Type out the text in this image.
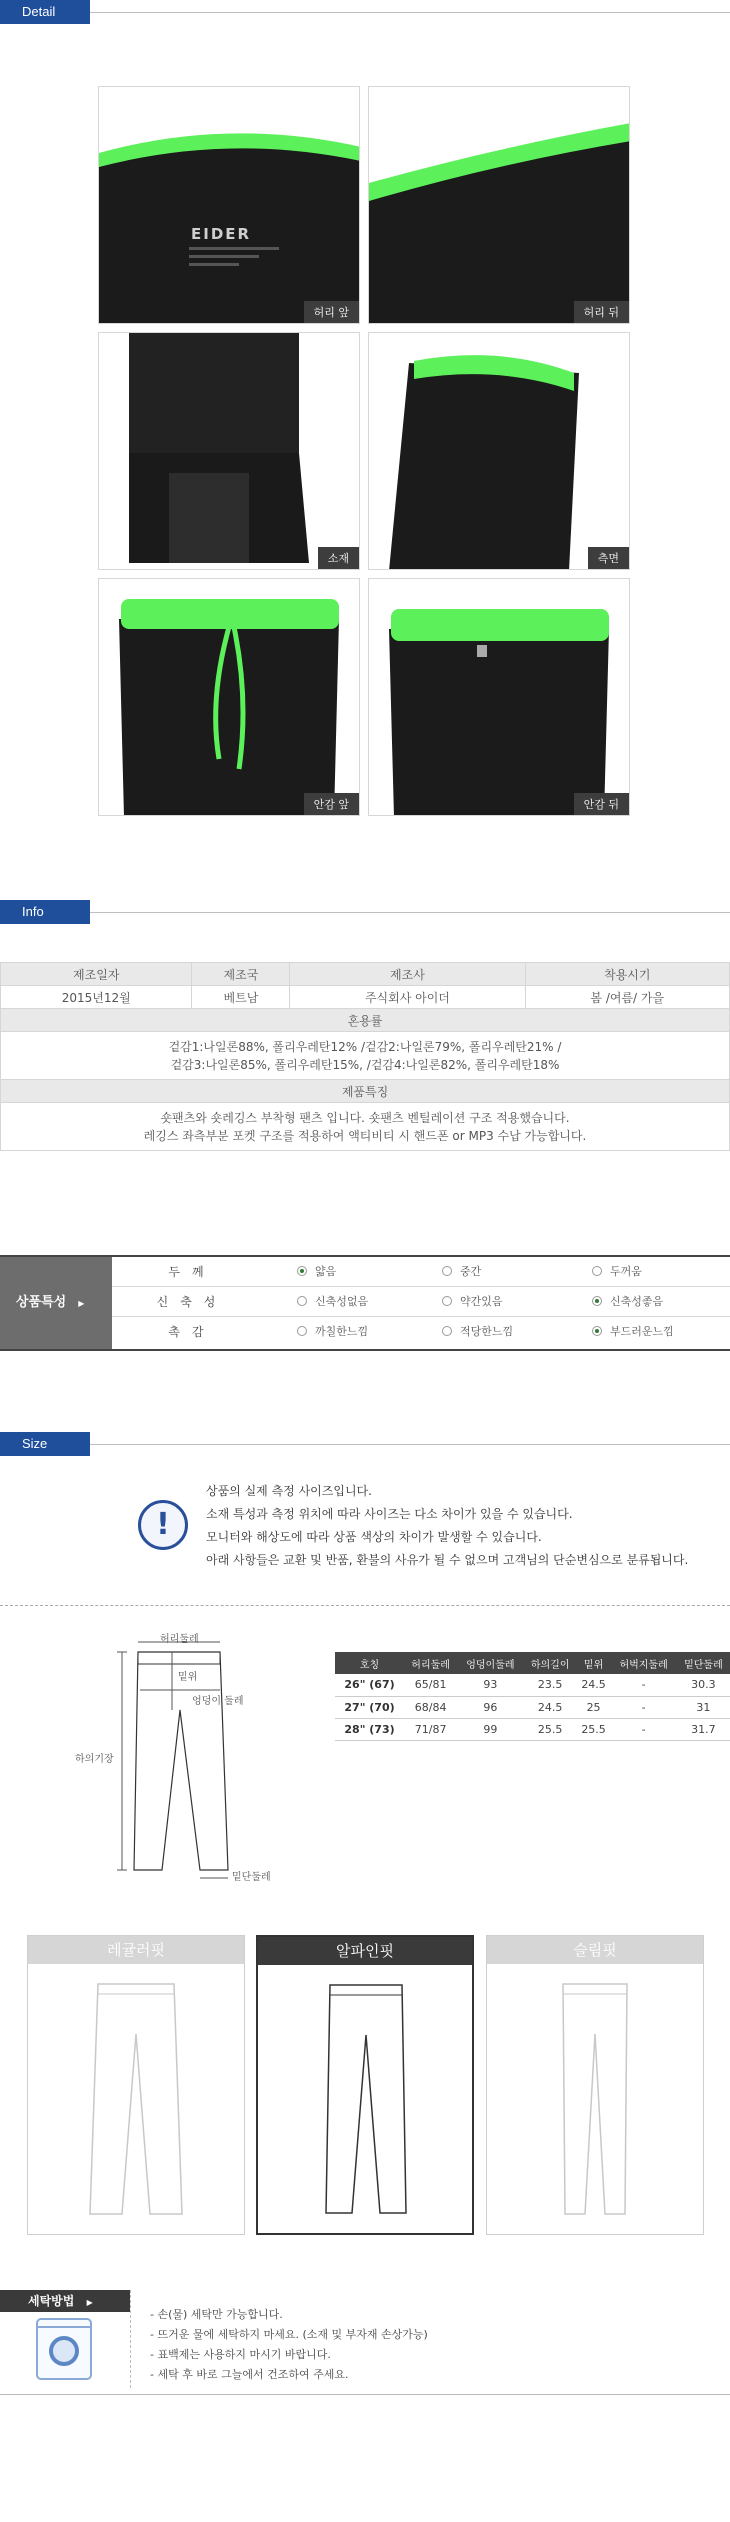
Detail
EIDER
허리 앞	허리 뒤
소재	측면
안감 앞	안감 뒤
Info
제조일자	제조국	제조사	착용시기
2015년12월	베트남	주식회사 아이더	봄 /여름/ 가을
혼용률			

겉감1:나일론88%, 폴리우레탄12% /겉감2:나일론79%, 폴리우레탄21% /
겉감3:나일론85%, 폴리우레탄15%, /겉감4:나일론82%, 폴리우레탄18%			

제품특징			

숏팬츠와 숏레깅스 부착형 팬츠 입니다. 숏팬츠 벤틸레이션 구조 적용했습니다.
레깅스 좌측부분 포켓 구조를 적용하여 액티비티 시 핸드폰 or MP3 수납 가능합니다.			
상품특성 ▶
두께	얇음	중간	두꺼움
신축성	신축성없음	약간있음	신축성좋음
촉감	까칠한느낌	적당한느낌	부드러운느낌
Size
!
상품의 실제 측정 사이즈입니다.
소재 특성과 측정 위치에 따라 사이즈는 다소 차이가 있을 수 있습니다.
모니터와 해상도에 따라 상품 색상의 차이가 발생할 수 있습니다.
아래 사항들은 교환 및 반품, 환불의 사유가 될 수 없으며 고객님의 단순변심으로 분류됩니다.
허리둘레
밑위
엉덩이 둘레
하의기장
밑단둘레
호칭	허리둘레	엉덩이둘레	하의길이	밑위	허벅지둘레	밑단둘레
26" (67)	65/81	93	23.5	24.5	-	30.3
27" (70)	68/84	96	24.5	25	-	31
28" (73)	71/87	99	25.5	25.5	-	31.7
레귤러핏	알파인핏	슬림핏
세탁방법 ▶
- 손(물) 세탁만 가능합니다.
- 뜨거운 물에 세탁하지 마세요. (소재 및 부자재 손상가능)
- 표백제는 사용하지 마시기 바랍니다.
- 세탁 후 바로 그늘에서 건조하여 주세요.
